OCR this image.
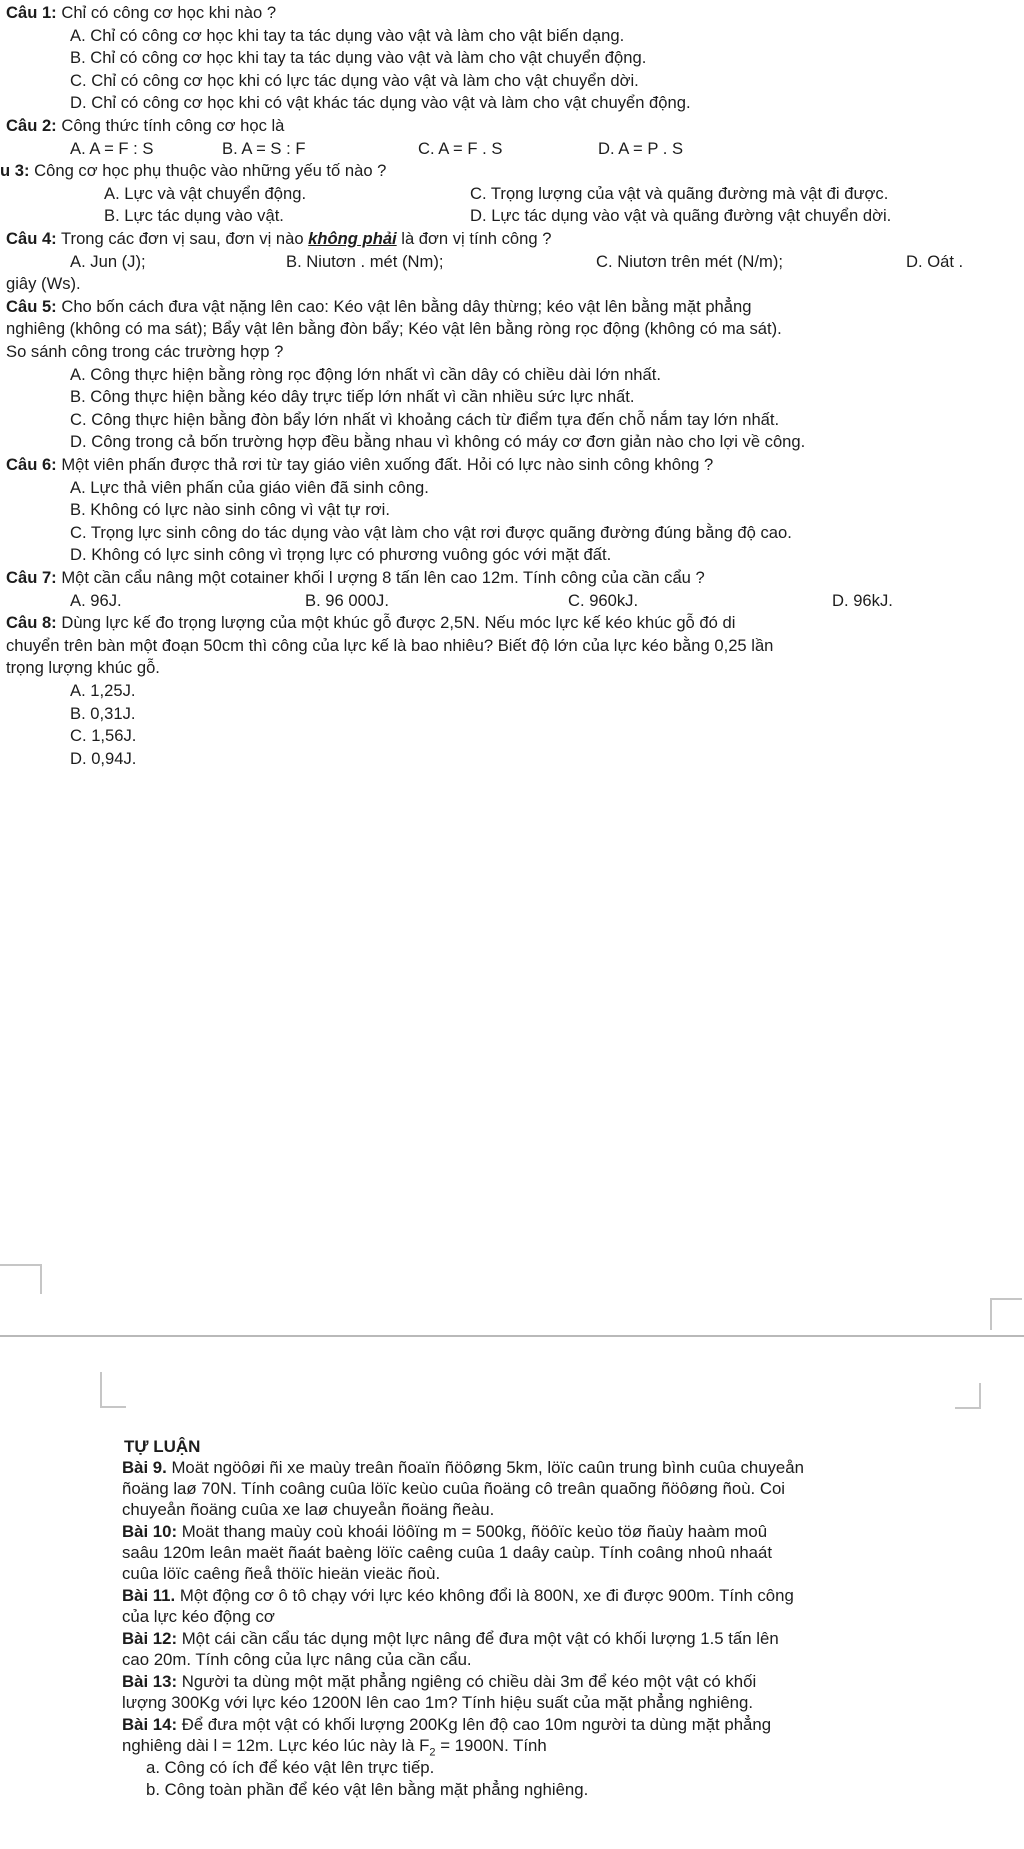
Câu 1: Chỉ có công cơ học khi nào ?
A. Chỉ có công cơ học khi tay ta tác dụng vào vật và làm cho vật biến dạng.
B. Chỉ có công cơ học khi tay ta tác dụng vào vật và làm cho vật chuyển động.
C. Chỉ có công cơ học khi có lực tác dụng vào vật và làm cho vật chuyển dời.
D. Chỉ có công cơ học khi có vật khác tác dụng vào vật và làm cho vật chuyển động.
Câu 2: Công thức tính công cơ học là
A. A = F : S	B. A = S : F	C. A = F . S	D. A = P . S
u 3: Công cơ học phụ thuộc vào những yếu tố nào ?
A. Lực và vật chuyển động.	C. Trọng lượng của vật và quãng đường mà vật đi được.
B. Lực tác dụng vào vật.	D. Lực tác dụng vào vật và quãng đường vật chuyển dời.
Câu 4: Trong các đơn vị sau, đơn vị nào không phải là đơn vị tính công ?
A. Jun (J);	B. Niutơn . mét (Nm);	C. Niutơn trên mét (N/m);	D. Oát .
giây (Ws).
Câu 5: Cho bốn cách đưa vật nặng lên cao: Kéo vật lên bằng dây thừng; kéo vật lên bằng mặt phẳng
nghiêng (không có ma sát); Bẩy vật lên bằng đòn bẩy; Kéo vật lên bằng ròng rọc động (không có ma sát).
So sánh công trong các trường hợp ?
A. Công thực hiện bằng ròng rọc động lớn nhất vì cần dây có chiều dài lớn nhất.
B. Công thực hiện bằng kéo dây trực tiếp lớn nhất vì cần nhiều sức lực nhất.
C. Công thực hiện bằng đòn bẩy lớn nhất vì khoảng cách từ điểm tựa đến chỗ nắm tay lớn nhất.
D. Công trong cả bốn trường hợp đều bằng nhau vì không có máy cơ đơn giản nào cho lợi về công.
Câu 6: Một viên phấn được thả rơi từ tay giáo viên xuống đất. Hỏi có lực nào sinh công không ?
A. Lực thả viên phấn của giáo viên đã sinh công.
B. Không có lực nào sinh công vì vật tự rơi.
C. Trọng lực sinh công do tác dụng vào vật làm cho vật rơi được quãng đường đúng bằng độ cao.
D. Không có lực sinh công vì trọng lực có phương vuông góc với mặt đất.
Câu 7: Một cần cẩu nâng một cotainer khối l ượng 8 tấn lên cao 12m. Tính công của cần cẩu ?
A. 96J.	B. 96 000J.	C. 960kJ.	D. 96kJ.
Câu 8: Dùng lực kế đo trọng lượng của một khúc gỗ được 2,5N. Nếu móc lực kế kéo khúc gỗ đó di
chuyển trên bàn một đoạn 50cm thì công của lực kế là bao nhiêu? Biết độ lớn của lực kéo bằng 0,25 lần
trọng lượng khúc gỗ.
A. 1,25J.
B. 0,31J.
C. 1,56J.
D. 0,94J.
TỰ LUẬN
Bài 9. Moät ngöôøi ñi xe maùy treân ñoaïn ñöôøng 5km, löïc caûn trung bình cuûa chuyeån
ñoäng laø 70N. Tính coâng cuûa löïc keùo cuûa ñoäng cô treân quaõng ñöôøng ñoù. Coi
chuyeån ñoäng cuûa xe laø chuyeån ñoäng ñeàu.
Bài 10: Moät thang maùy coù khoái löôïng m = 500kg, ñöôïc keùo töø ñaùy haàm moû
saâu 120m leân maët ñaát baèng löïc caêng cuûa 1 daây caùp. Tính coâng nhoû nhaát
cuûa löïc caêng ñeå thöïc hieän vieäc ñoù.
Bài 11. Một động cơ ô tô chạy với lực kéo không đổi là 800N, xe đi được 900m. Tính công
của lực kéo động cơ
Bài 12: Một cái cần cẩu tác dụng một lực nâng để đưa một vật có khối lượng 1.5 tấn lên
cao 20m. Tính công của lực nâng của cần cẩu.
Bài 13: Người ta dùng một mặt phẳng ngiêng có chiều dài 3m để kéo một vật có khối
lượng 300Kg với lực kéo 1200N lên cao 1m? Tính hiệu suất của mặt phẳng nghiêng.
Bài 14: Để đưa một vật có khối lượng 200Kg lên độ cao 10m người ta dùng mặt phẳng
nghiêng dài l = 12m. Lực kéo lúc này là $F_2 = 1900N$. Tính
a. Công có ích để kéo vật lên trực tiếp.
b. Công toàn phần để kéo vật lên bằng mặt phẳng nghiêng.
